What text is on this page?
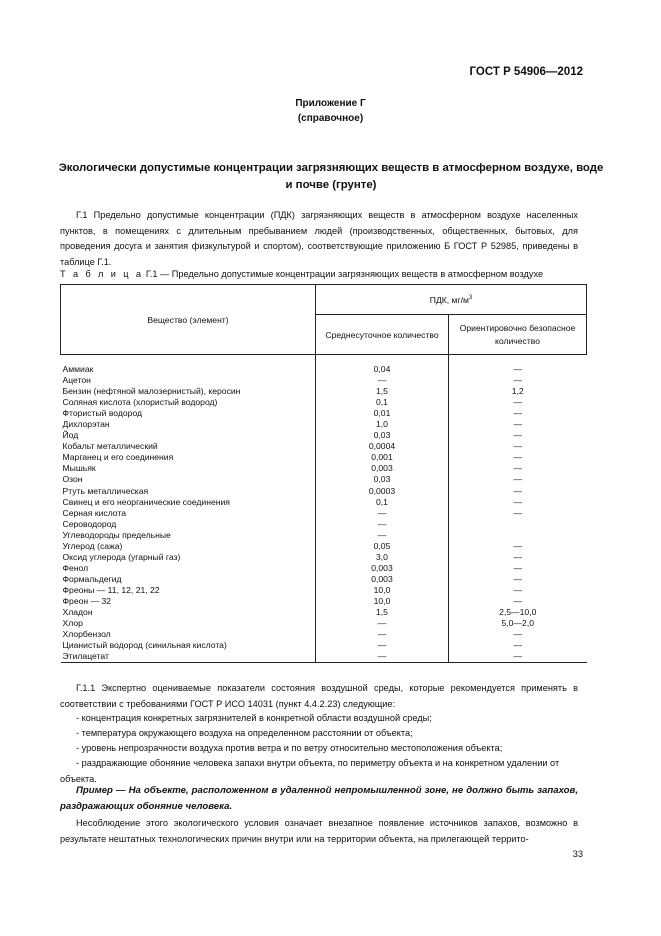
ГОСТ Р 54906—2012
Приложение Г
(справочное)
Экологически допустимые концентрации загрязняющих веществ в атмосферном воздухе, воде
и почве (грунте)
Г.1 Предельно допустимые концентрации (ПДК) загрязняющих веществ в атмосферном воздухе населенных пунктов, в помещениях с длительным пребыванием людей (производственных, общественных, бытовых, для проведения досуга и занятия физкультурой и спортом), соответствующие приложению Б ГОСТ Р 52985, приведены в таблице Г.1.
Т а б л и ц а Г.1 — Предельно допустимые концентрации загрязняющих веществ в атмосферном воздухе
Вещество (элемент)	ПДК, $мг/м^3$
	Среднесуточное количество	Ориентировочно безопасное количество
Аммиак	0,04	—
Ацетон	—	—
Бензин (нефтяной малозернистый), керосин	1,5	1,2
Соляная кислота (хлористый водород)	0,1	—
Фтористый водород	0,01	—
Дихлорэтан	1,0	—
Йод	0,03	—
Кобальт металлический	0,0004	—
Марганец и его соединения	0,001	—
Мышьяк	0,003	—
Озон	0,03	—
Ртуть металлическая	0,0003	—
Свинец и его неорганические соединения	0,1	—
Серная кислота	—	—
Сероводород	—	
Углеводороды предельные	—	
Углерод (сажа)	0,05	—
Оксид углерода (угарный газ)	3,0	—
Фенол	0,003	—
Формальдегид	0,003	—
Фреоны — 11, 12, 21, 22	10,0	—
Фреон — 32	10,0	—
Хладон	1,5	2,5—10,0
Хлор	—	5,0—2,0
Хлорбензол	—	—
Цианистый водород (синильная кислота)	—	—
Этилацетат	—	—
Г.1.1 Экспертно оцениваемые показатели состояния воздушной среды, которые рекомендуется применять в соответствии с требованиями ГОСТ Р ИСО 14031 (пункт 4.4.2.23) следующие:
- концентрация конкретных загрязнителей в конкретной области воздушной среды;
- температура окружающего воздуха на определенном расстоянии от объекта;
- уровень непрозрачности воздуха против ветра и по ветру относительно местоположения объекта;
- раздражающие обоняние человека запахи внутри объекта, по периметру объекта и на конкретном удалении от объекта.
Пример — На объекте, расположенном в удаленной непромышленной зоне, не должно быть запахов, раздражающих обоняние человека.
Несоблюдение этого экологического условия означает внезапное появление источников запахов, возможно в результате нештатных технологических причин внутри или на территории объекта, на прилегающей террито-
33
